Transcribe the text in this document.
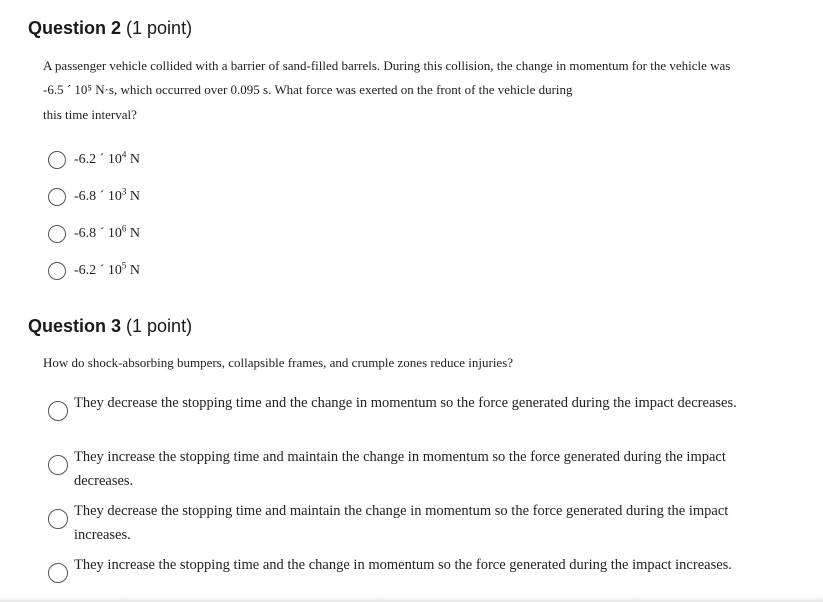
Question 2 (1 point)
A passenger vehicle collided with a barrier of sand-filled barrels. During this collision, the change in momentum for the vehicle was
-6.5 ´ 10⁵ N·s, which occurred over 0.095 s. What force was exerted on the front of the vehicle during
this time interval?
-6.2 ´ $10^4$ N
-6.8 ´ $10^3$ N
-6.8 ´ $10^6$ N
-6.2 ´ $10^5$ N
Question 3 (1 point)
How do shock-absorbing bumpers, collapsible frames, and crumple zones reduce injuries?
They decrease the stopping time and the change in momentum so the force generated during the impact decreases.
They increase the stopping time and maintain the change in momentum so the force generated during the impact decreases.
They decrease the stopping time and maintain the change in momentum so the force generated during the impact increases.
They increase the stopping time and the change in momentum so the force generated during the impact increases.
